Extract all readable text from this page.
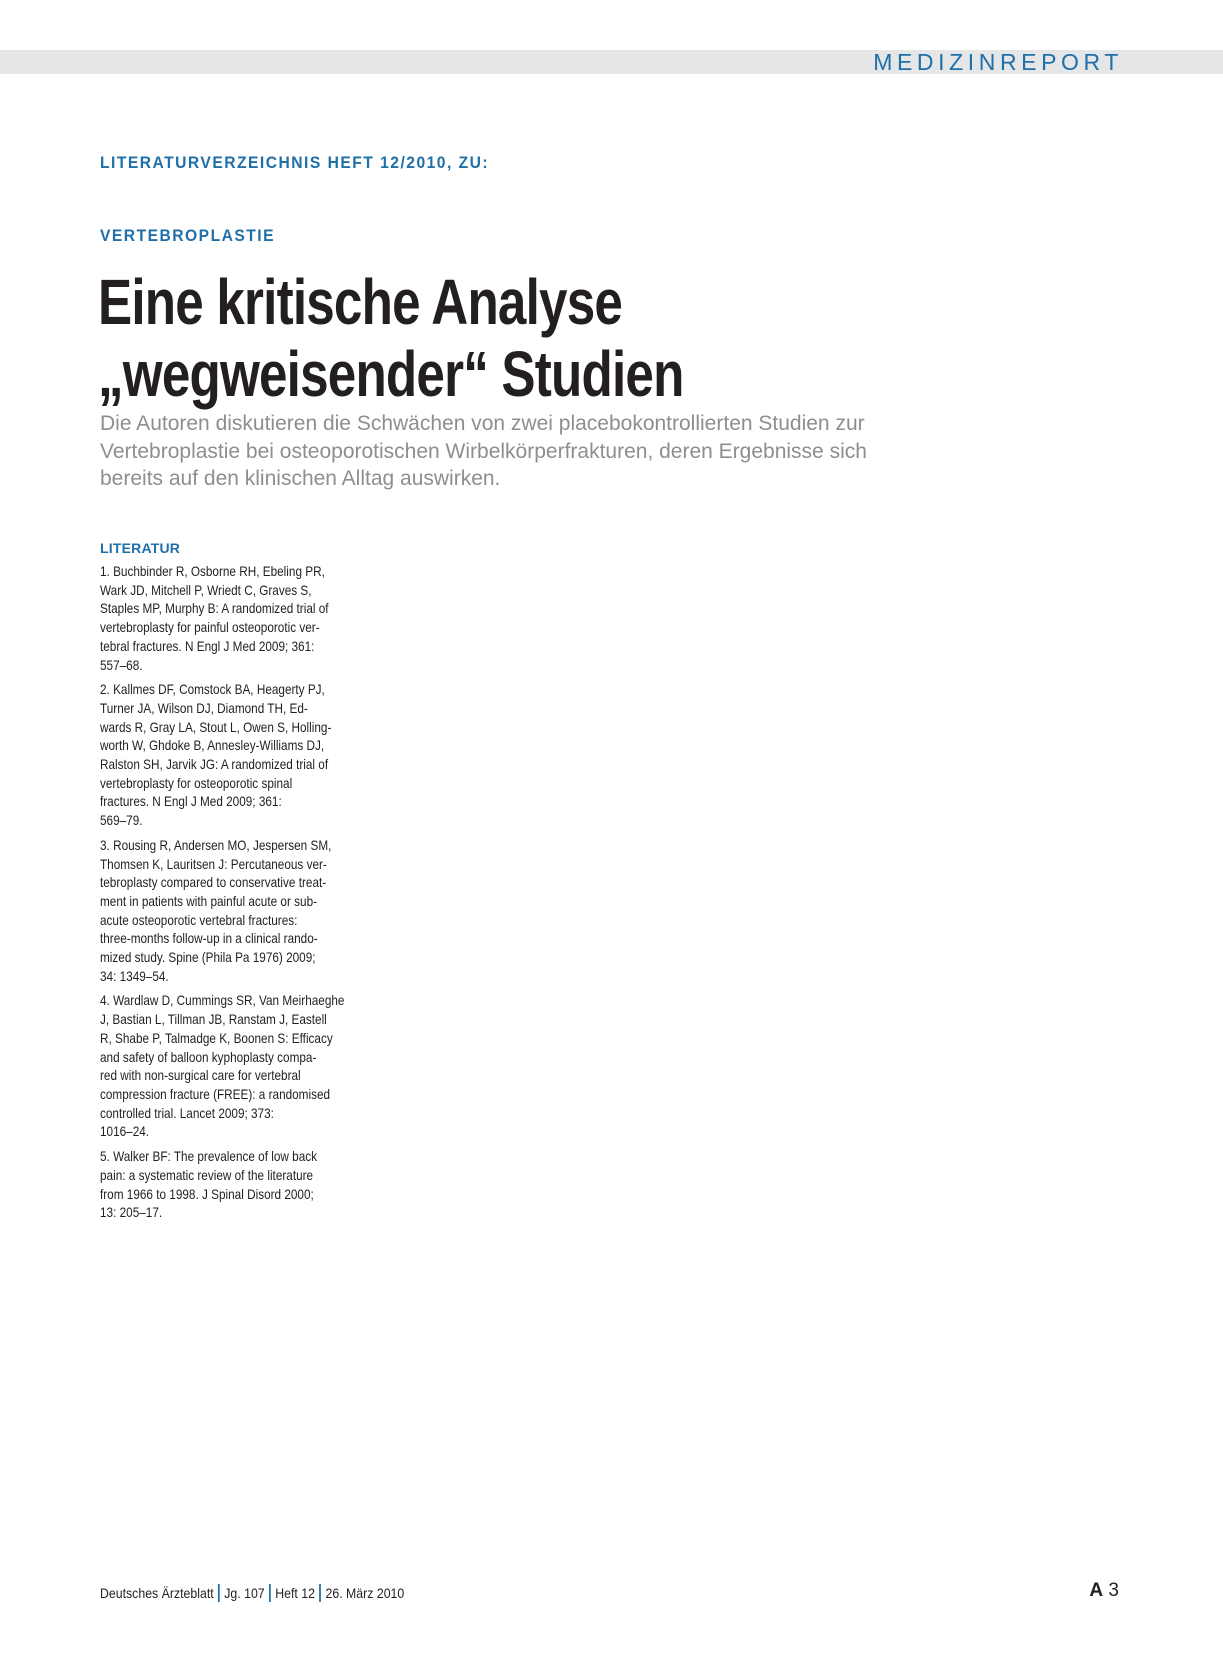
MEDIZINREPORT
LITERATURVERZEICHNIS HEFT 12/2010, ZU:
VERTEBROPLASTIE
Eine kritische Analyse
„wegweisender“ Studien

Die Autoren diskutieren die Schwächen von zwei placebokontrollierten Studien zur
Vertebroplastie bei osteoporotischen Wirbelkörperfrakturen, deren Ergebnisse sich
bereits auf den klinischen Alltag auswirken.

LITERATUR
1. Buchbinder R, Osborne RH, Ebeling PR,
Wark JD, Mitchell P, Wriedt C, Graves S,
Staples MP, Murphy B: A randomized trial of
vertebroplasty for painful osteoporotic ver-
tebral fractures. N Engl J Med 2009; 361:
557–68.
2. Kallmes DF, Comstock BA, Heagerty PJ,
Turner JA, Wilson DJ, Diamond TH, Ed-
wards R, Gray LA, Stout L, Owen S, Holling-
worth W, Ghdoke B, Annesley-Williams DJ,
Ralston SH, Jarvik JG: A randomized trial of
vertebroplasty for osteoporotic spinal
fractures. N Engl J Med 2009; 361:
569–79.
3. Rousing R, Andersen MO, Jespersen SM,
Thomsen K, Lauritsen J: Percutaneous ver-
tebroplasty compared to conservative treat-
ment in patients with painful acute or sub-
acute osteoporotic vertebral fractures:
three-months follow-up in a clinical rando-
mized study. Spine (Phila Pa 1976) 2009;
34: 1349–54.
4. Wardlaw D, Cummings SR, Van Meirhaeghe
J, Bastian L, Tillman JB, Ranstam J, Eastell
R, Shabe P, Talmadge K, Boonen S: Efficacy
and safety of balloon kyphoplasty compa-
red with non-surgical care for vertebral
compression fracture (FREE): a randomised
controlled trial. Lancet 2009; 373:
1016–24.
5. Walker BF: The prevalence of low back
pain: a systematic review of the literature
from 1966 to 1998. J Spinal Disord 2000;
13: 205–17.
Deutsches Ärzteblatt Jg. 107 Heft 12 26. März 2010	A 3
